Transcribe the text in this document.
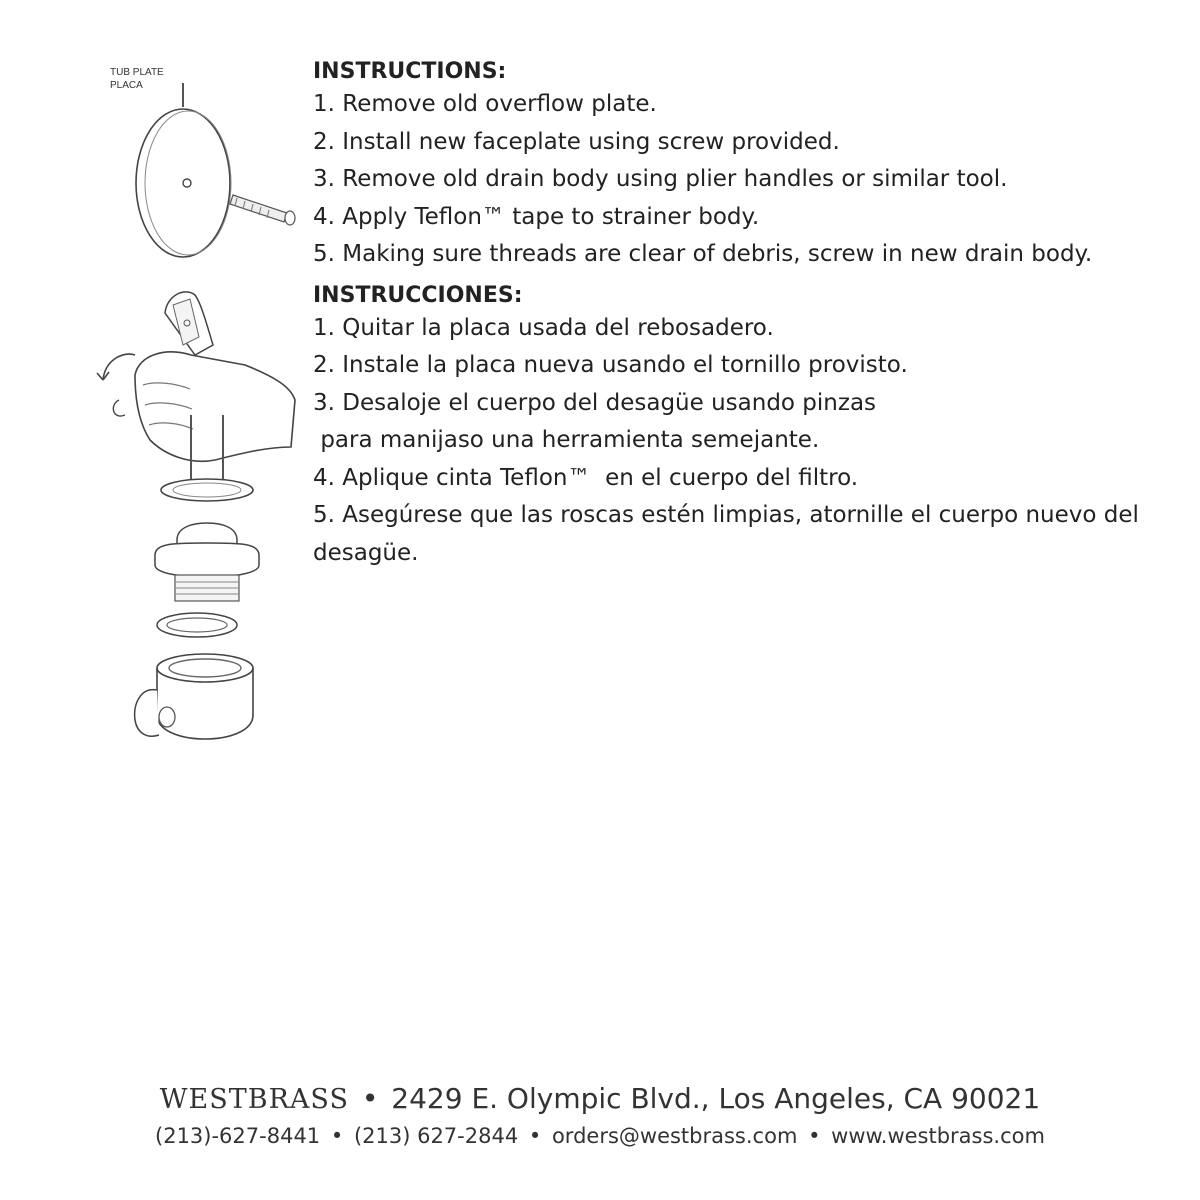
TUB PLATE
PLACA
INSTRUCTIONS:
1. Remove old overflow plate.
2. Install new faceplate using screw provided.
3. Remove old drain body using plier handles or similar tool.
4. Apply Teflon™ tape to strainer body.
5. Making sure threads are clear of debris, screw in new drain body.
INSTRUCCIONES:
1. Quitar la placa usada del rebosadero.
2. Instale la placa nueva usando el tornillo provisto.
3. Desaloje el cuerpo del desagüe usando pinzas
para manijaso una herramienta semejante.
4. Aplique cinta Teflon™  en el cuerpo del filtro.
5. Asegúrese que las roscas estén limpias, atornille el cuerpo nuevo del desagüe.
WESTBRASS • 2429 E. Olympic Blvd., Los Angeles, CA 90021
(213)-627-8441 • (213) 627-2844 • orders@westbrass.com • www.westbrass.com
